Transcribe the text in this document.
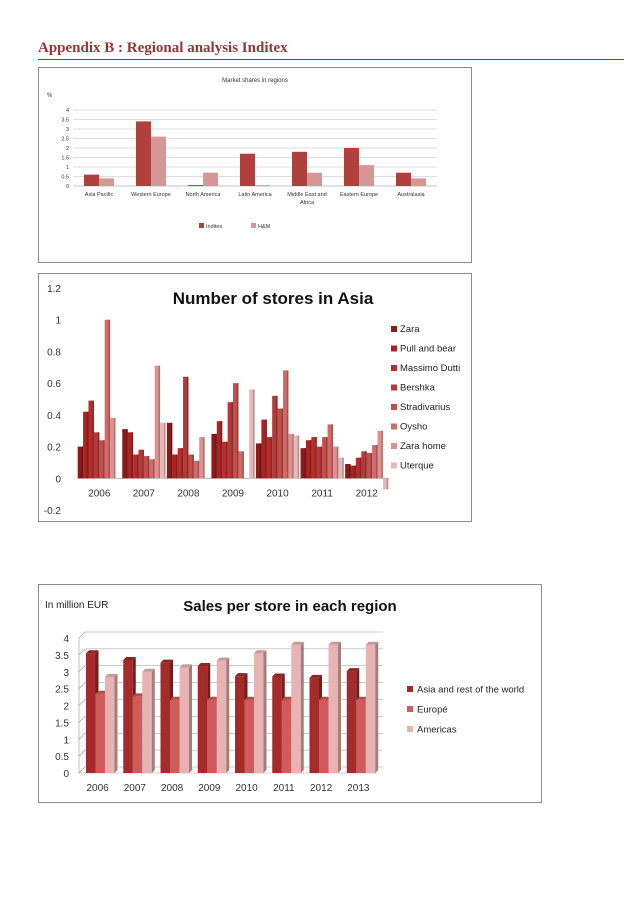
Appendix B : Regional analysis Inditex
Market shares in regions
%
0
0.5
1
1.5
2
2.5
3
3.5
4
Asia Pacific	Western Europe	North America	Latin America	Middle East and
Africa
Eastern Europe	Australasia
Inditex	H&M
Number of stores in Asia
-0.2
0
0.2
0.4
0.6
0.8
1
1.2
2006 2007 2008 2009 2010 2011 2012
Zara
Pull and bear
Massimo Dutti
Bershka
Stradivarius
Oysho
Zara home
Uterque
In million EUR	Sales per store in each region
0
0.5
1
1.5
2
2.5
3
3.5
4
2006 2007 2008 2009 2010 2011 2012 2013
Asia and rest of the world
Europé
Americas
